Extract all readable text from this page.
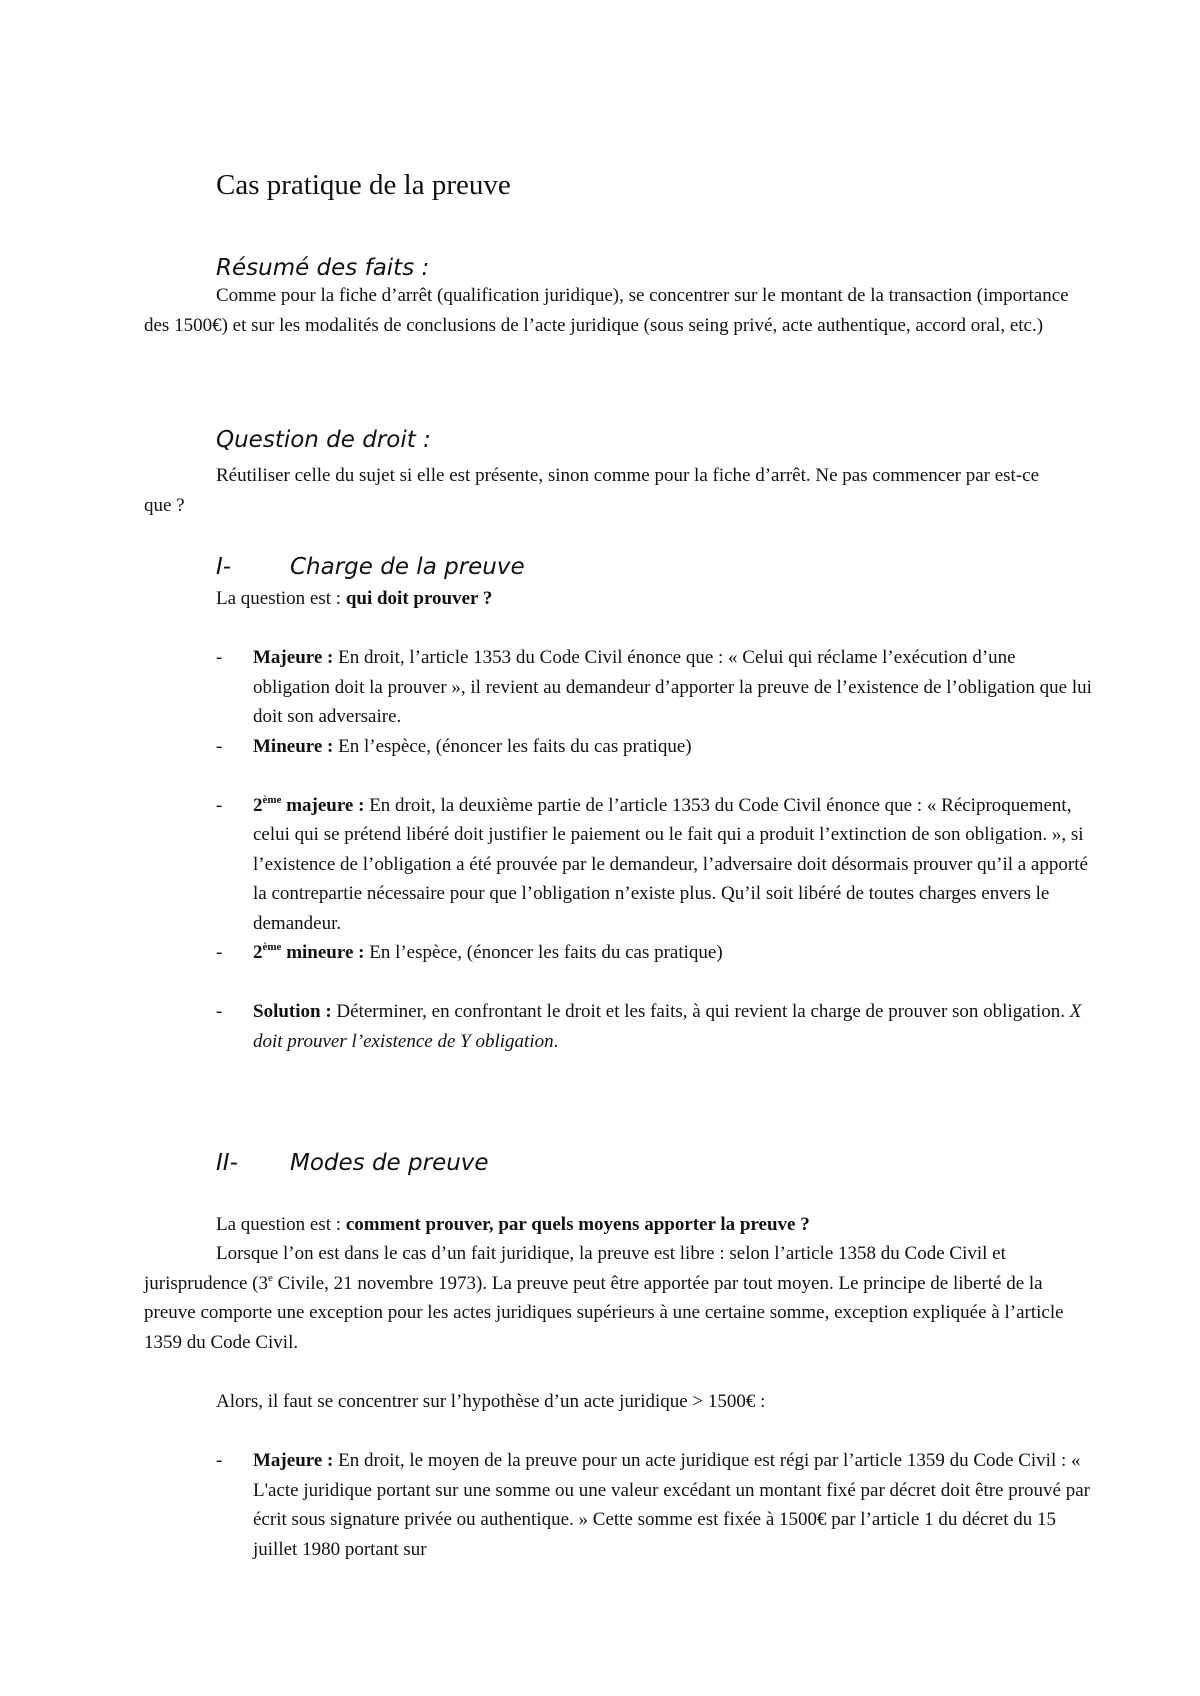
Cas pratique de la preuve
Résumé des faits :

Comme pour la fiche d’arrêt (qualification juridique), se concentrer sur le montant de la transaction (importance des 1500€) et sur les modalités de conclusions de l’acte juridique (sous seing privé, acte authentique, accord oral, etc.)

Question de droit :

Réutiliser celle du sujet si elle est présente, sinon comme pour la fiche d’arrêt. Ne pas commencer par est-ce que ?

I-	Charge de la preuve

La question est : qui doit prouver ?

- Majeure : En droit, l’article 1353 du Code Civil énonce que : « Celui qui réclame l’exécution d’une obligation doit la prouver », il revient au demandeur d’apporter la preuve de l’existence de l’obligation que lui doit son adversaire.
- Mineure : En l’espèce, (énoncer les faits du cas pratique)
- 2ème majeure : En droit, la deuxième partie de l’article 1353 du Code Civil énonce que : « Réciproquement, celui qui se prétend libéré doit justifier le paiement ou le fait qui a produit l’extinction de son obligation. », si l’existence de l’obligation a été prouvée par le demandeur, l’adversaire doit désormais prouver qu’il a apporté la contrepartie nécessaire pour que l’obligation n’existe plus. Qu’il soit libéré de toutes charges envers le demandeur.
- 2ème mineure : En l’espèce, (énoncer les faits du cas pratique)
- Solution : Déterminer, en confrontant le droit et les faits, à qui revient la charge de prouver son obligation. X doit prouver l’existence de Y obligation.
II- Modes de preuve

La question est : comment prouver, par quels moyens apporter la preuve ?

Lorsque l’on est dans le cas d’un fait juridique, la preuve est libre : selon l’article 1358 du Code Civil et jurisprudence (3e Civile, 21 novembre 1973). La preuve peut être apportée par tout moyen. Le principe de liberté de la preuve comporte une exception pour les actes juridiques supérieurs à une certaine somme, exception expliquée à l’article 1359 du Code Civil.

Alors, il faut se concentrer sur l’hypothèse d’un acte juridique > 1500€ :

- Majeure : En droit, le moyen de la preuve pour un acte juridique est régi par l’article 1359 du Code Civil : « L'acte juridique portant sur une somme ou une valeur excédant un montant fixé par décret doit être prouvé par écrit sous signature privée ou authentique. » Cette somme est fixée à 1500€ par l’article 1 du décret du 15 juillet 1980 portant sur
